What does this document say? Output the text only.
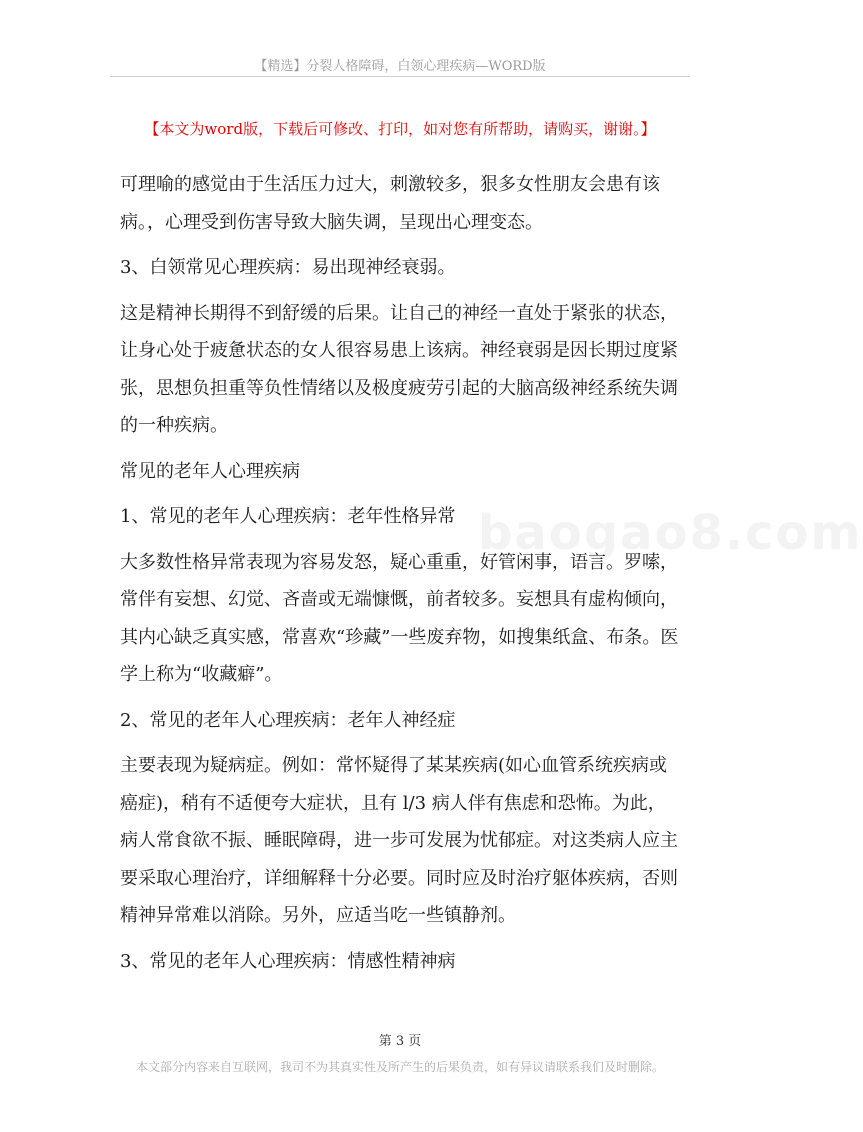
【精选】分裂人格障碍，白领心理疾病—WORD版
【本文为word版，下载后可修改、打印，如对您有所帮助，请购买，谢谢。】
baogao8.com

可理喻的感觉由于生活压力过大，刺激较多，狠多女性朋友会患有该病。，心理受到伤害导致大脑失调，呈现出心理变态。

3、白领常见心理疾病：易出现神经衰弱。

这是精神长期得不到舒缓的后果。让自己的神经一直处于紧张的状态，让身心处于疲惫状态的女人很容易患上该病。神经衰弱是因长期过度紧张，思想负担重等负性情绪以及极度疲劳引起的大脑高级神经系统失调的一种疾病。

常见的老年人心理疾病

1、常见的老年人心理疾病：老年性格异常

大多数性格异常表现为容易发怒，疑心重重，好管闲事，语言。罗嗦，常伴有妄想、幻觉、吝啬或无端慷慨，前者较多。妄想具有虚构倾向，其内心缺乏真实感，常喜欢“珍藏”一些废弃物，如搜集纸盒、布条。医学上称为“收藏癖”。

2、常见的老年人心理疾病：老年人神经症

主要表现为疑病症。例如：常怀疑得了某某疾病(如心血管系统疾病或癌症)，稍有不适便夸大症状，且有 l/3 病人伴有焦虑和恐怖。为此，病人常食欲不振、睡眠障碍，进一步可发展为忧郁症。对这类病人应主要采取心理治疗，详细解释十分必要。同时应及时治疗躯体疾病，否则精神异常难以消除。另外，应适当吃一些镇静剂。

3、常见的老年人心理疾病：情感性精神病

第 3 页
本文部分内容来自互联网，我司不为其真实性及所产生的后果负责，如有异议请联系我们及时删除。
